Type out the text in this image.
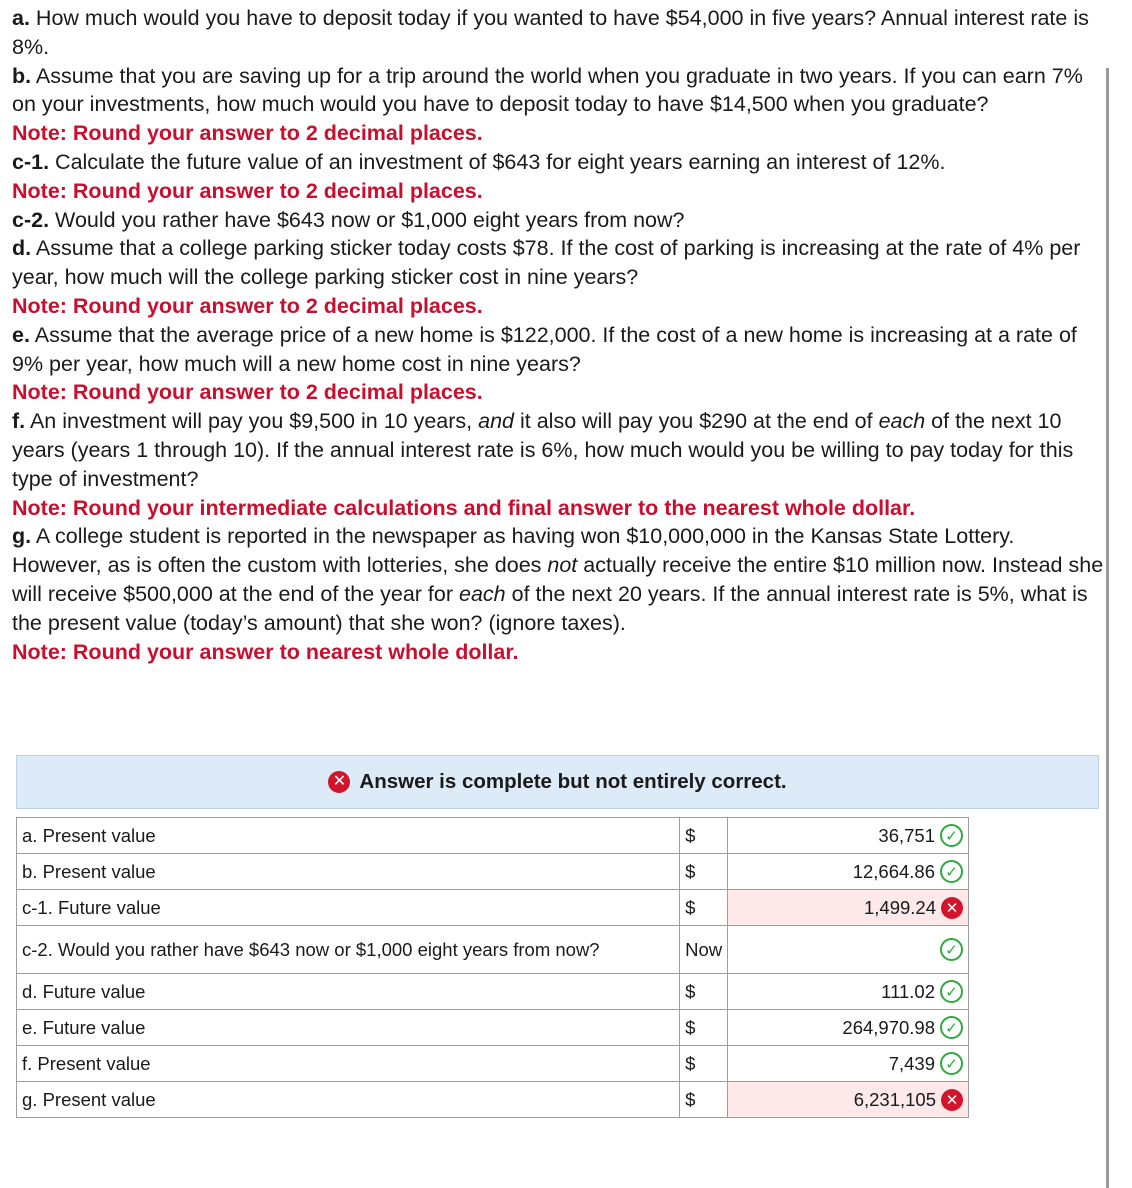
a. How much would you have to deposit today if you wanted to have $54,000 in five years? Annual interest rate is 8%.

b. Assume that you are saving up for a trip around the world when you graduate in two years. If you can earn 7% on your investments, how much would you have to deposit today to have $14,500 when you graduate?

Note: Round your answer to 2 decimal places.

c-1. Calculate the future value of an investment of $643 for eight years earning an interest of 12%.

Note: Round your answer to 2 decimal places.

c-2. Would you rather have $643 now or $1,000 eight years from now?

d. Assume that a college parking sticker today costs $78. If the cost of parking is increasing at the rate of 4% per year, how much will the college parking sticker cost in nine years?

Note: Round your answer to 2 decimal places.

e. Assume that the average price of a new home is $122,000. If the cost of a new home is increasing at a rate of 9% per year, how much will a new home cost in nine years?

Note: Round your answer to 2 decimal places.

f. An investment will pay you $9,500 in 10 years, and it also will pay you $290 at the end of each of the next 10 years (years 1 through 10). If the annual interest rate is 6%, how much would you be willing to pay today for this type of investment?

Note: Round your intermediate calculations and final answer to the nearest whole dollar.

g. A college student is reported in the newspaper as having won $10,000,000 in the Kansas State Lottery. However, as is often the custom with lotteries, she does not actually receive the entire $10 million now. Instead she will receive $500,000 at the end of the year for each of the next 20 years. If the annual interest rate is 5%, what is the present value (today’s amount) that she won? (ignore taxes).

Note: Round your answer to nearest whole dollar.

✕ Answer is complete but not entirely correct.
a. Present value	$	36,751 ✓
b. Present value	$	12,664.86 ✓
c-1. Future value	$	1,499.24 ✕
c-2. Would you rather have $643 now or $1,000 eight years from now?	Now	✓
d. Future value	$	111.02 ✓
e. Future value	$	264,970.98 ✓
f. Present value	$	7,439 ✓
g. Present value	$	6,231,105 ✕
